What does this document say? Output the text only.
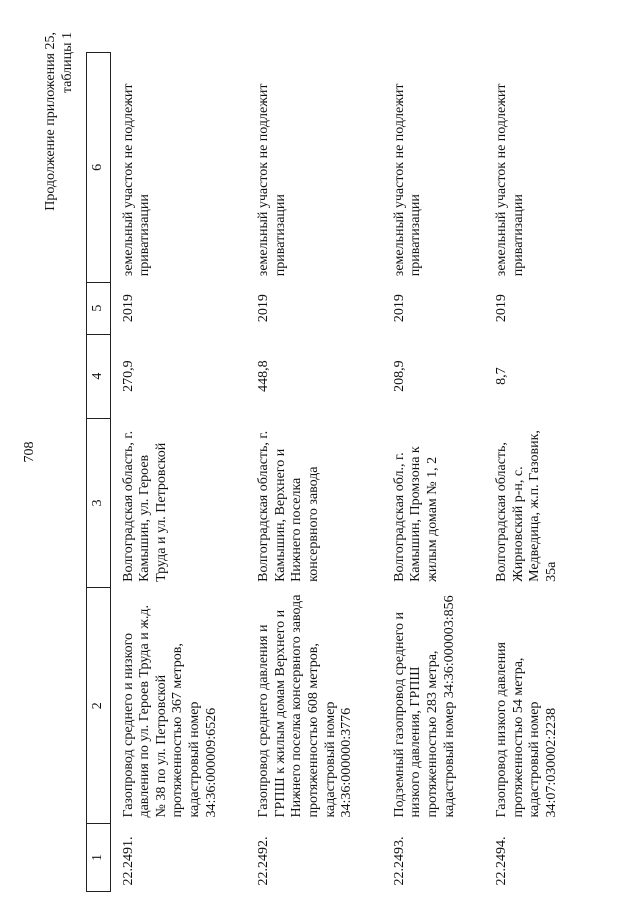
708
Продолжение приложения 25, таблицы 1
1	2	3	4	5	6
22.2491.	Газопровод среднего и низкого давления по ул. Героев Труда и ж.д. № 38 по ул. Петровской протяженностью 367 метров, кадастровый номер 34:36:000009:6526	Волгоградская область, г. Камышин, ул. Героев Труда и ул. Петровской	270,9	2019	земельный участок не подлежит приватизации
22.2492.	Газопровод среднего давления и ГРПШ к жилым домам Верхнего и Нижнего поселка консервного завода протяженностью 608 метров, кадастровый номер 34:36:000000:3776	Волгоградская область, г. Камышин, Верхнего и Нижнего поселка консервного завода	448,8	2019	земельный участок не подлежит приватизации
22.2493.	Подземный газопровод среднего и низкого давления, ГРПШ протяженностью 283 метра, кадастровый номер 34:36:000003:856	Волгоградская обл., г. Камышин, Промзона к жилым домам № 1, 2	208,9	2019	земельный участок не подлежит приватизации
22.2494.	Газопровод низкого давления протяженностью 54 метра, кадастровый номер 34:07:030002:2238	Волгоградская область, Жирновский р-н, с. Медведица, ж.п. Газовик, 35а	8,7	2019	земельный участок не подлежит приватизации
